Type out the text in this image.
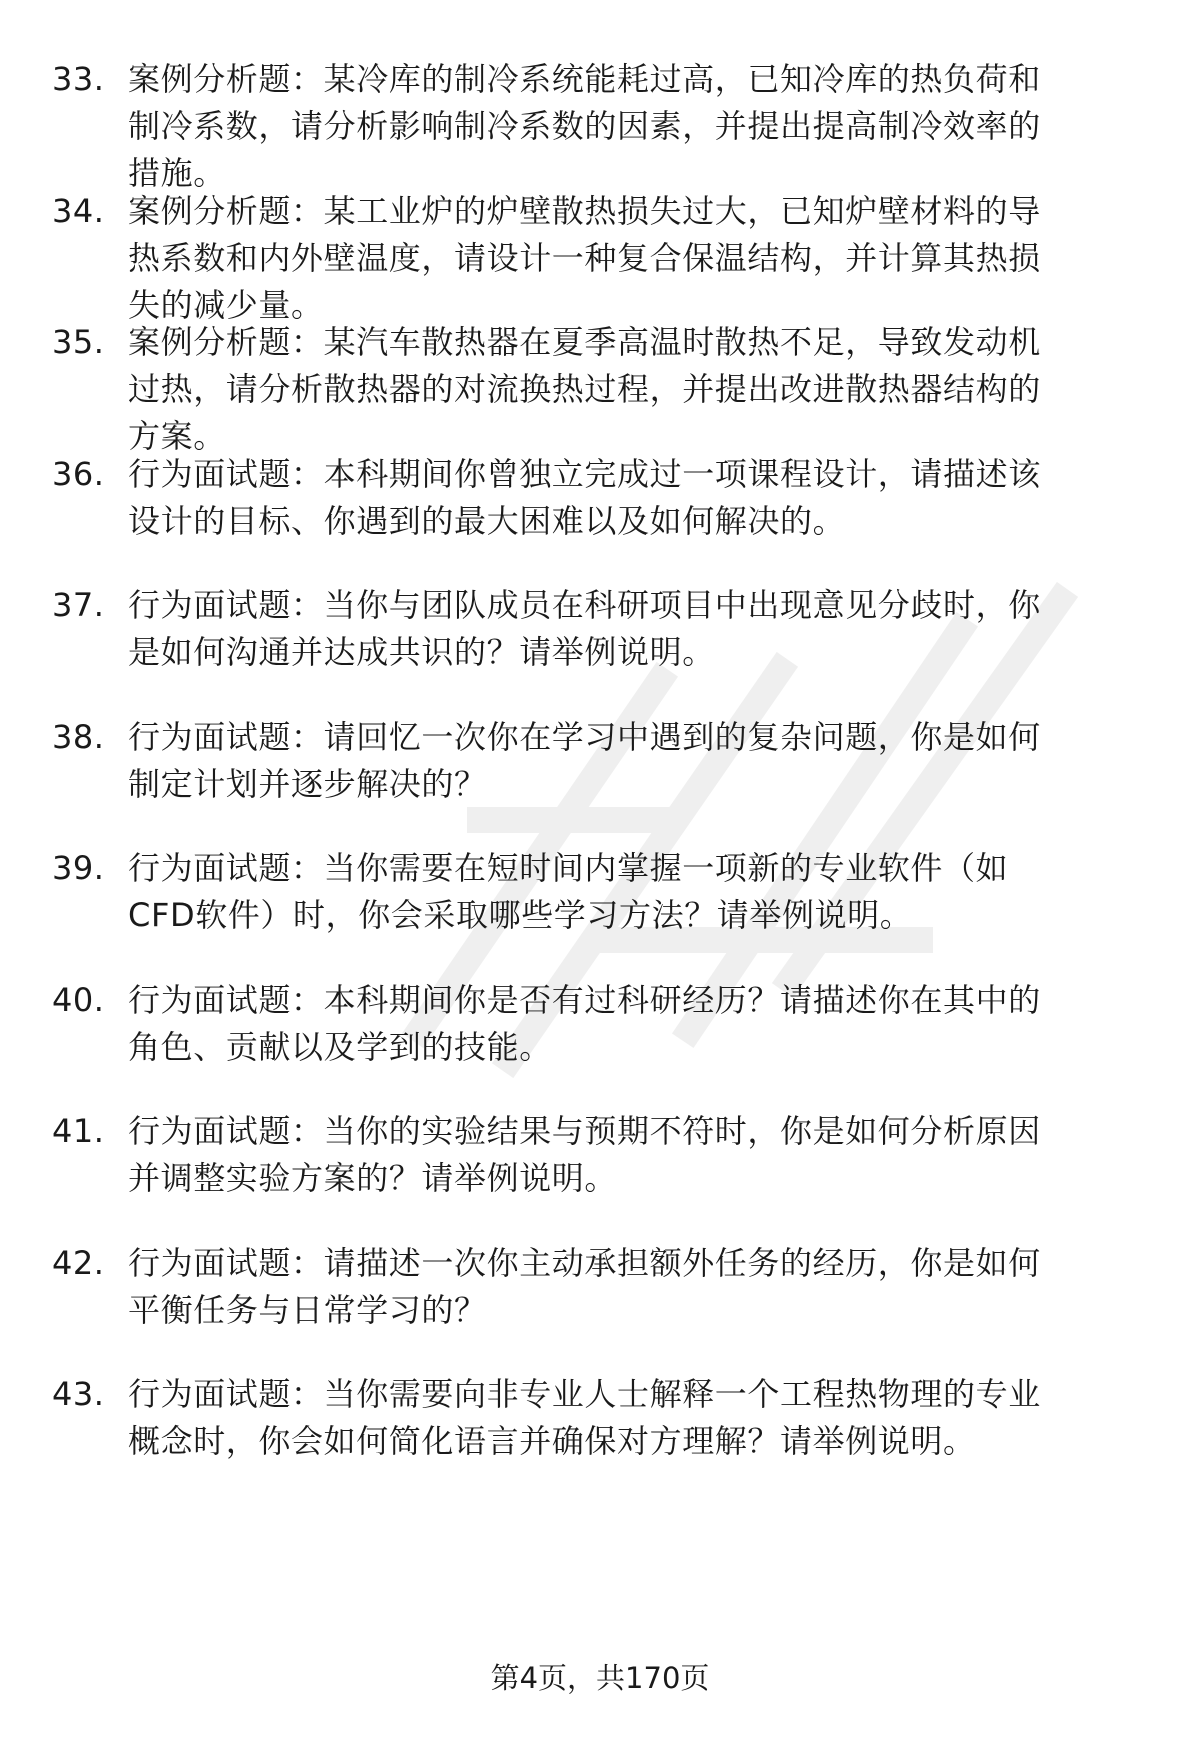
33. 案例分析题：某冷库的制冷系统能耗过高，已知冷库的热负荷和
制冷系数，请分析影响制冷系数的因素，并提出提高制冷效率的
措施。
34. 案例分析题：某工业炉的炉壁散热损失过大，已知炉壁材料的导
热系数和内外壁温度，请设计一种复合保温结构，并计算其热损
失的减少量。
35. 案例分析题：某汽车散热器在夏季高温时散热不足，导致发动机
过热，请分析散热器的对流换热过程，并提出改进散热器结构的
方案。
36. 行为面试题：本科期间你曾独立完成过一项课程设计，请描述该
设计的目标、你遇到的最大困难以及如何解决的。
37. 行为面试题：当你与团队成员在科研项目中出现意见分歧时，你
是如何沟通并达成共识的？请举例说明。
38. 行为面试题：请回忆一次你在学习中遇到的复杂问题，你是如何
制定计划并逐步解决的？
39. 行为面试题：当你需要在短时间内掌握一项新的专业软件（如
CFD软件）时，你会采取哪些学习方法？请举例说明。
40. 行为面试题：本科期间你是否有过科研经历？请描述你在其中的
角色、贡献以及学到的技能。
41. 行为面试题：当你的实验结果与预期不符时，你是如何分析原因
并调整实验方案的？请举例说明。
42. 行为面试题：请描述一次你主动承担额外任务的经历，你是如何
平衡任务与日常学习的？
43. 行为面试题：当你需要向非专业人士解释一个工程热物理的专业
概念时，你会如何简化语言并确保对方理解？请举例说明。
第4页，共170页
